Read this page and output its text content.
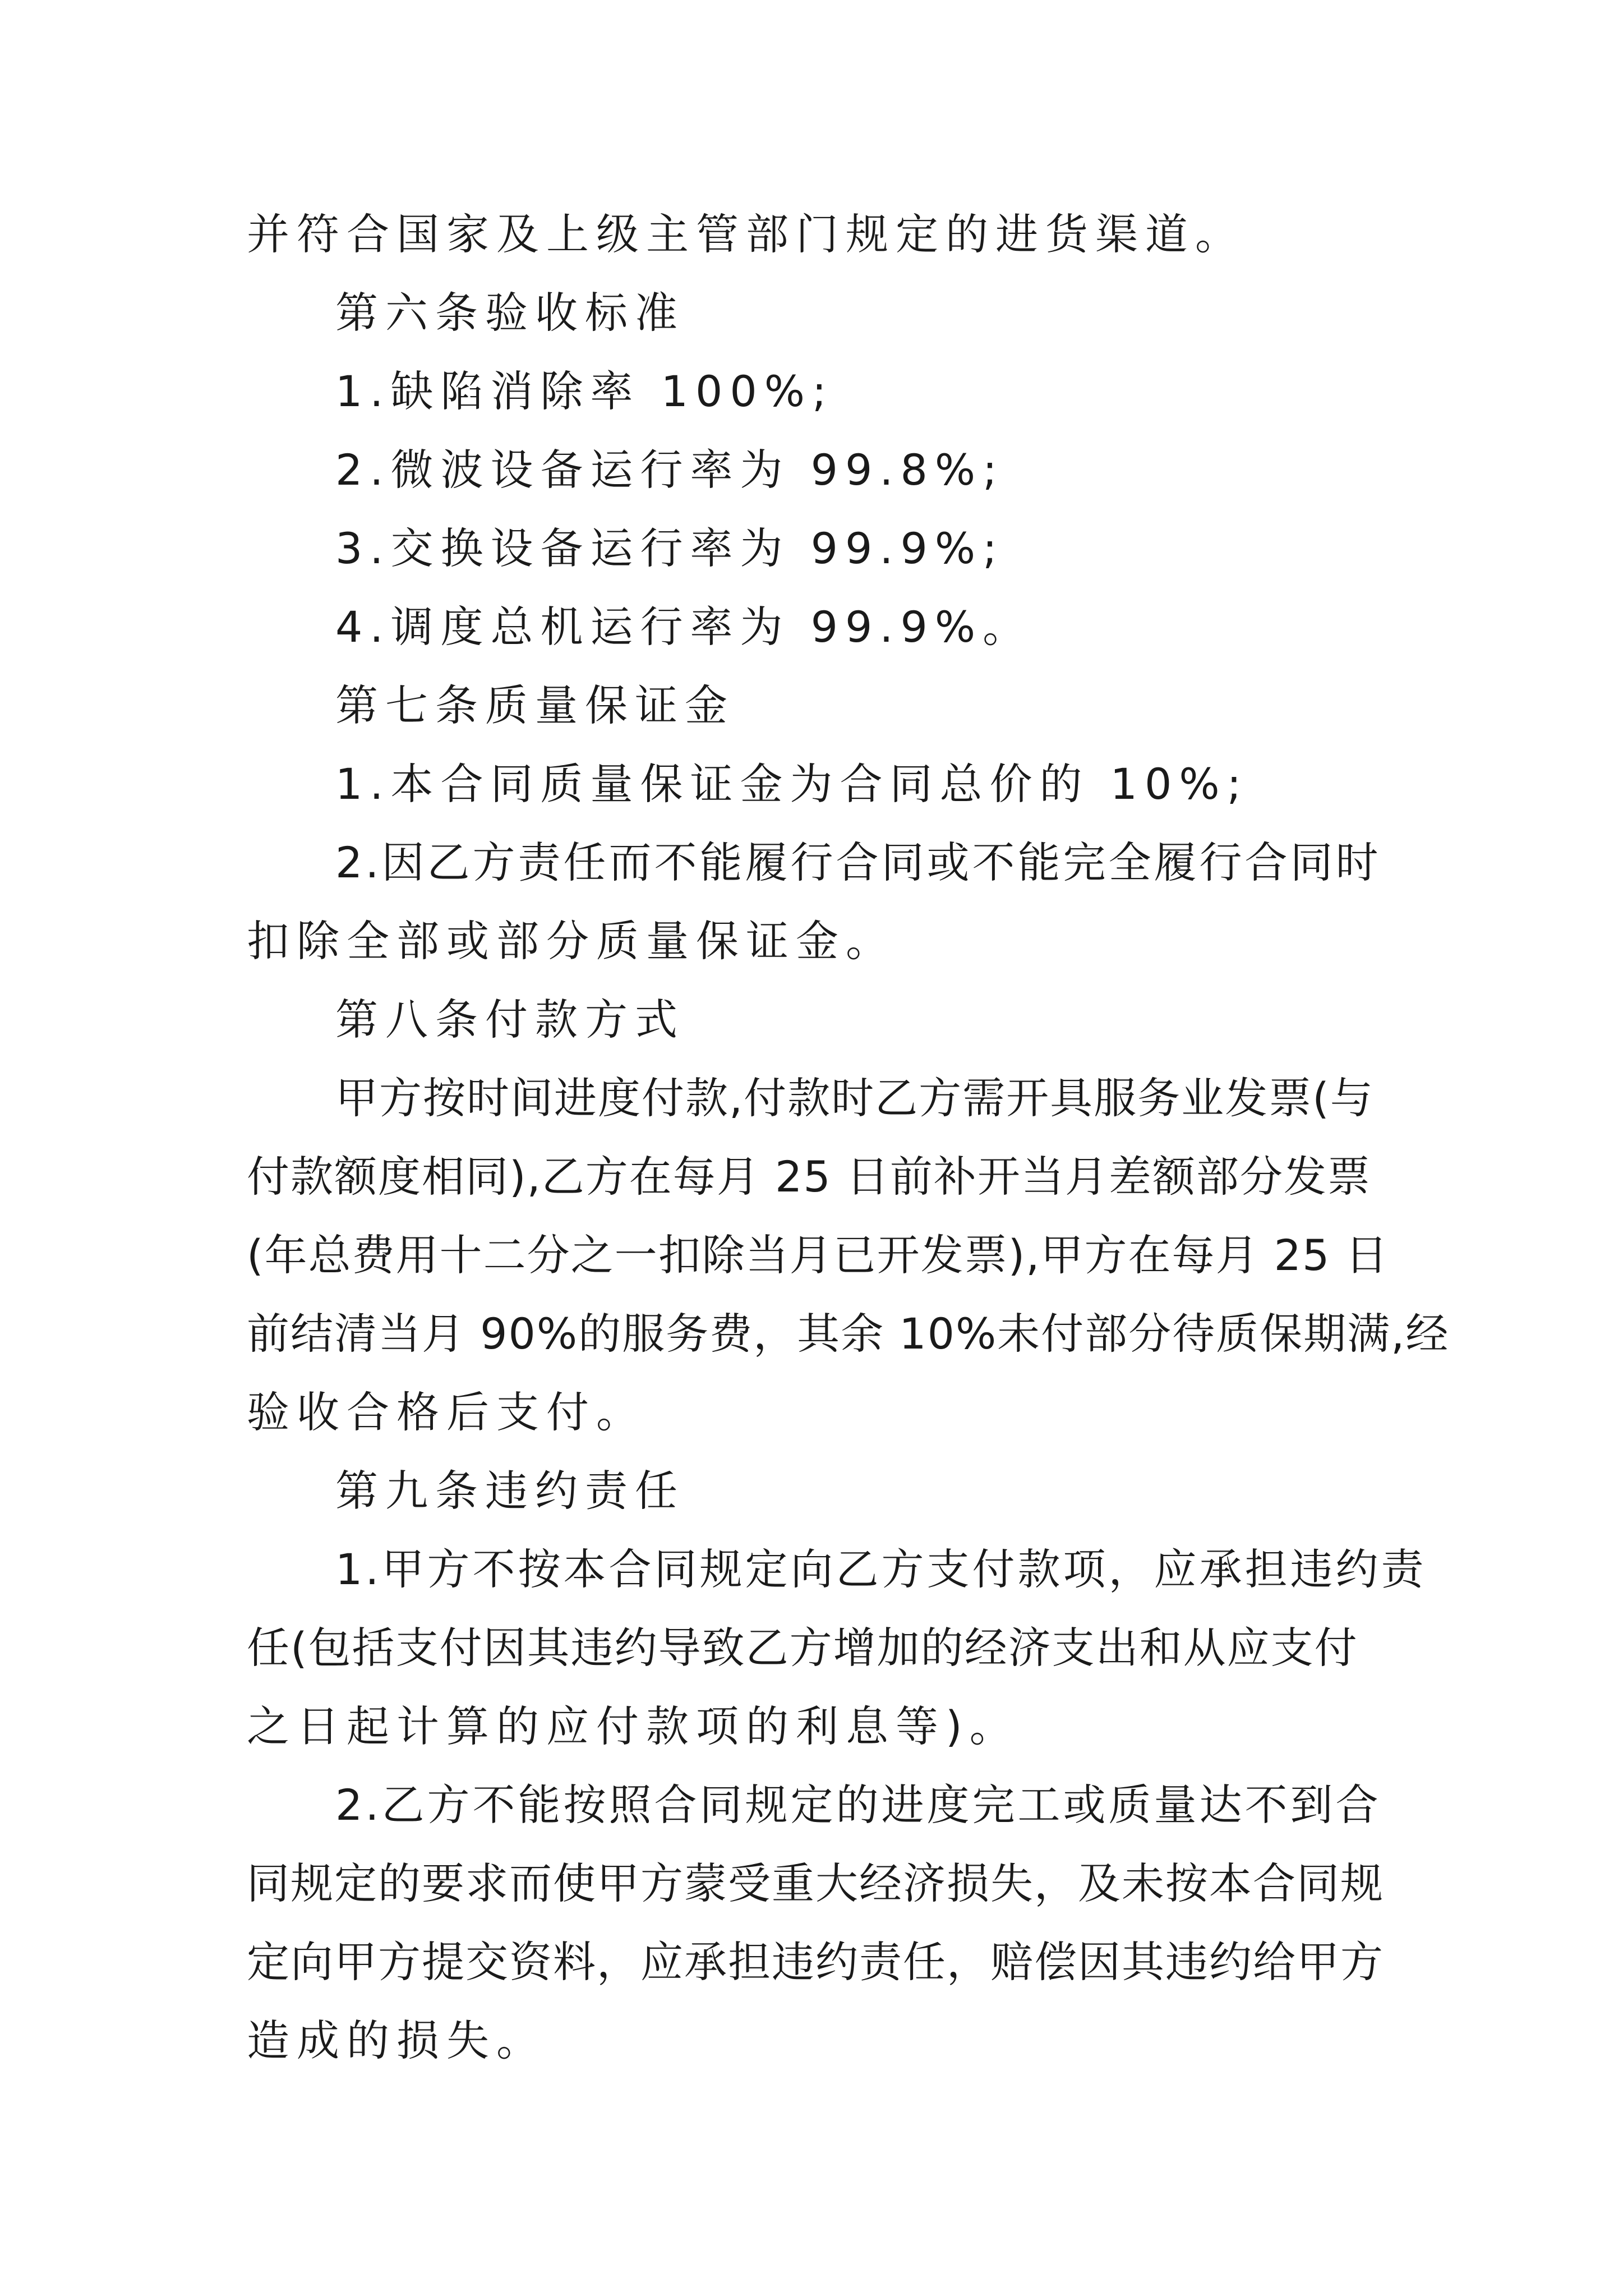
并符合国家及上级主管部门规定的进货渠道。
第六条验收标准
1.缺陷消除率 100%;
2.微波设备运行率为 99.8%;
3.交换设备运行率为 99.9%;
4.调度总机运行率为 99.9%。
第七条质量保证金
1.本合同质量保证金为合同总价的 10%;
2.因乙方责任而不能履行合同或不能完全履行合同时
扣除全部或部分质量保证金。
第八条付款方式
甲方按时间进度付款,付款时乙方需开具服务业发票(与
付款额度相同),乙方在每月 25 日前补开当月差额部分发票
(年总费用十二分之一扣除当月已开发票),甲方在每月 25 日
前结清当月 90%的服务费，其余 10%未付部分待质保期满,经
验收合格后支付。
第九条违约责任
1.甲方不按本合同规定向乙方支付款项，应承担违约责
任(包括支付因其违约导致乙方增加的经济支出和从应支付
之日起计算的应付款项的利息等)。
2.乙方不能按照合同规定的进度完工或质量达不到合
同规定的要求而使甲方蒙受重大经济损失，及未按本合同规
定向甲方提交资料，应承担违约责任，赔偿因其违约给甲方
造成的损失。
